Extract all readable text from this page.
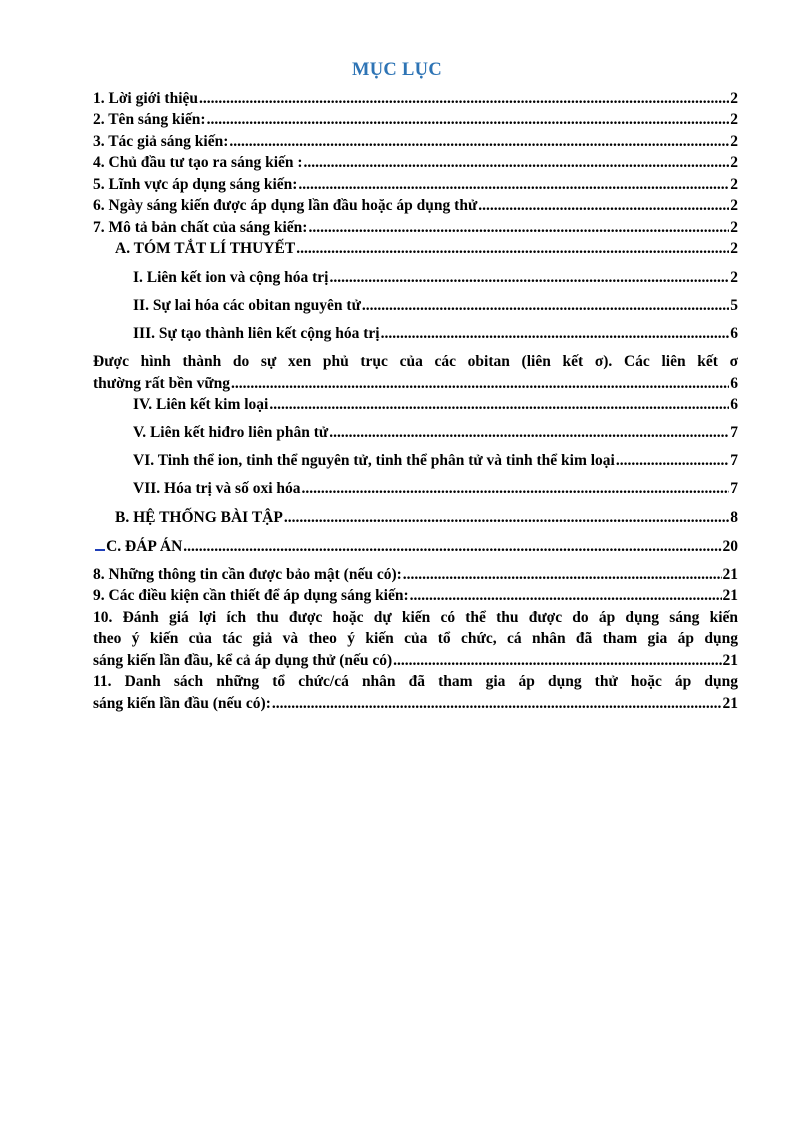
MỤC LỤC
1. Lời giới thiệu .....	2
2. Tên sáng kiến: .....	2
3. Tác giả sáng kiến: .....	2
4. Chủ đầu tư tạo ra sáng kiến : .....	2
5. Lĩnh vực áp dụng sáng kiến: .....	2
6. Ngày sáng kiến được áp dụng lần đầu hoặc áp dụng thử .....	2
7. Mô tả bản chất của sáng kiến: .....	2
A. TÓM TẮT LÍ THUYẾT .....	2
I. Liên kết ion và cộng hóa trị .....	2
II. Sự lai hóa các obitan nguyên tử .....	5
III. Sự tạo thành liên kết cộng hóa trị .....	6
Được hình thành do sự xen phủ trục của các obitan (liên kết σ). Các liên kết σ
thường rất bền vững .....	6
IV. Liên kết kim loại .....	6
V. Liên kết hiđro liên phân tử .....	7
VI. Tinh thể ion, tinh thể nguyên tử, tinh thể phân tử và tinh thể kim loại .....	7
VII. Hóa trị và số oxi hóa .....	7
B. HỆ THỐNG BÀI TẬP .....	8
C. ĐÁP ÁN .....	20
8. Những thông tin cần được bảo mật (nếu có): .....	21
9. Các điều kiện cần thiết để áp dụng sáng kiến: .....	21
10. Đánh giá lợi ích thu được hoặc dự kiến có thể thu được do áp dụng sáng kiến
theo ý kiến của tác giả và theo ý kiến của tổ chức, cá nhân đã tham gia áp dụng
sáng kiến lần đầu, kể cả áp dụng thử (nếu có) .....	21
11. Danh sách những tổ chức/cá nhân đã tham gia áp dụng thử hoặc áp dụng
sáng kiến lần đầu (nếu có): .....	21
